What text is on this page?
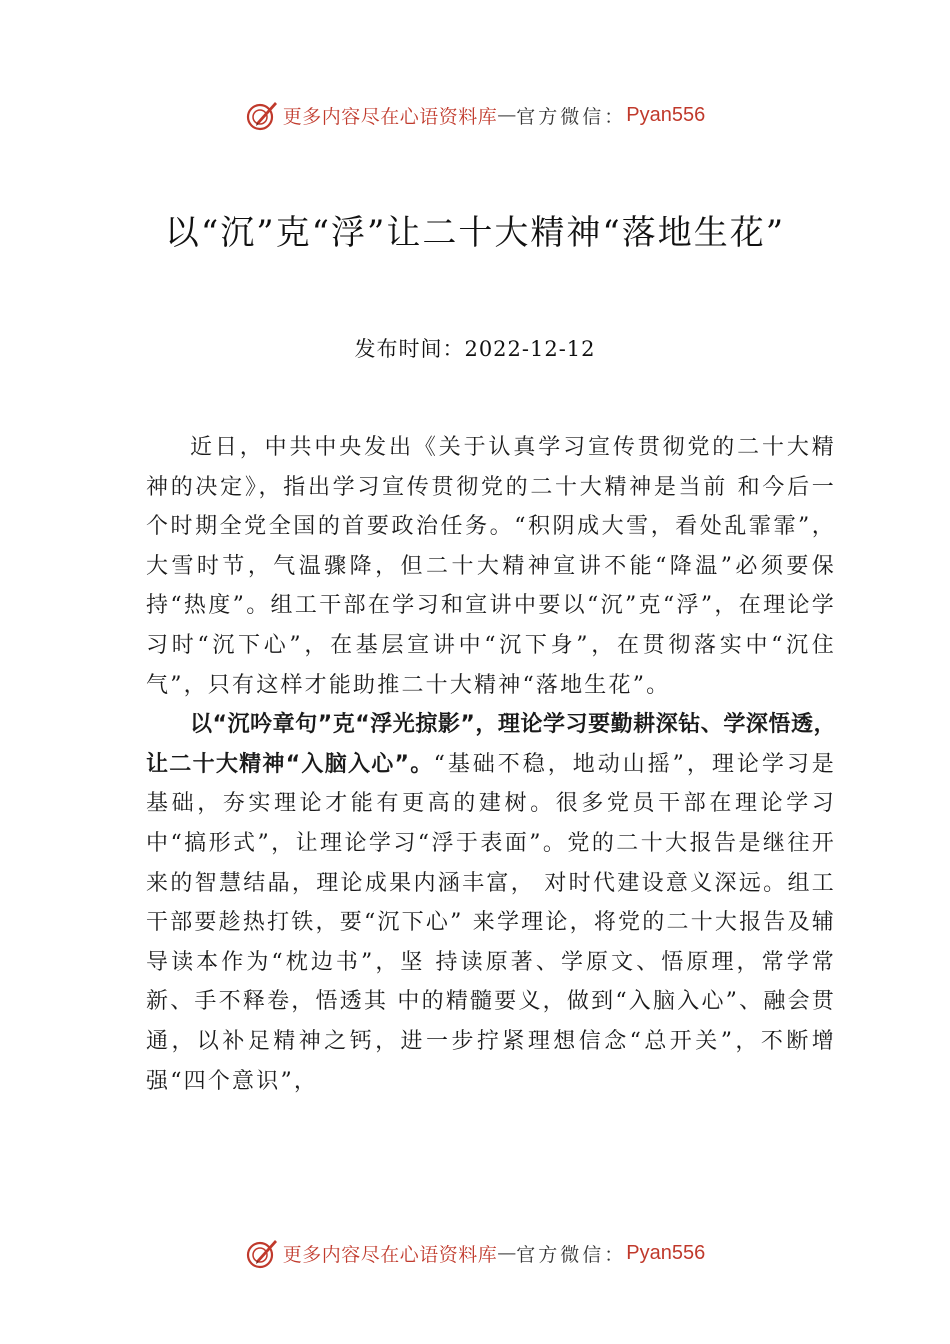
更多内容尽在心语资料库 — 官方微信： Pyan556
以“沉”克“浮”让二十大精神“落地生花”
发布时间：2022-12-12

近日，中共中央发出《关于认真学习宣传贯彻党的二十大精神的决定》，指出学习宣传贯彻党的二十大精神是当前 和今后一个时期全党全国的首要政治任务。“积阴成大雪，看处乱霏霏”，大雪时节，气温骤降，但二十大精神宣讲不能“降温”必须要保持“热度”。组工干部在学习和宣讲中要以“沉”克“浮”，在理论学习时“沉下心”，在基层宣讲中“沉下身”，在贯彻落实中“沉住气”，只有这样才能助推二十大精神“落地生花”。

以“沉吟章句”克“浮光掠影”，理论学习要勤耕深钻、学深悟透，让二十大精神“入脑入心”。“基础不稳，地动山摇”，理论学习是基础，夯实理论才能有更高的建树。很多党员干部在理论学习中“搞形式”，让理论学习“浮于表面”。党的二十大报告是继往开来的智慧结晶，理论成果内涵丰富， 对时代建设意义深远。组工干部要趁热打铁，要“沉下心” 来学理论，将党的二十大报告及辅导读本作为“枕边书”，坚 持读原著、学原文、悟原理，常学常新、手不释卷，悟透其 中的精髓要义，做到“入脑入心”、融会贯通，以补足精神之钙，进一步拧紧理想信念“总开关”，不断增强“四个意识”，

更多内容尽在心语资料库 — 官方微信： Pyan556
